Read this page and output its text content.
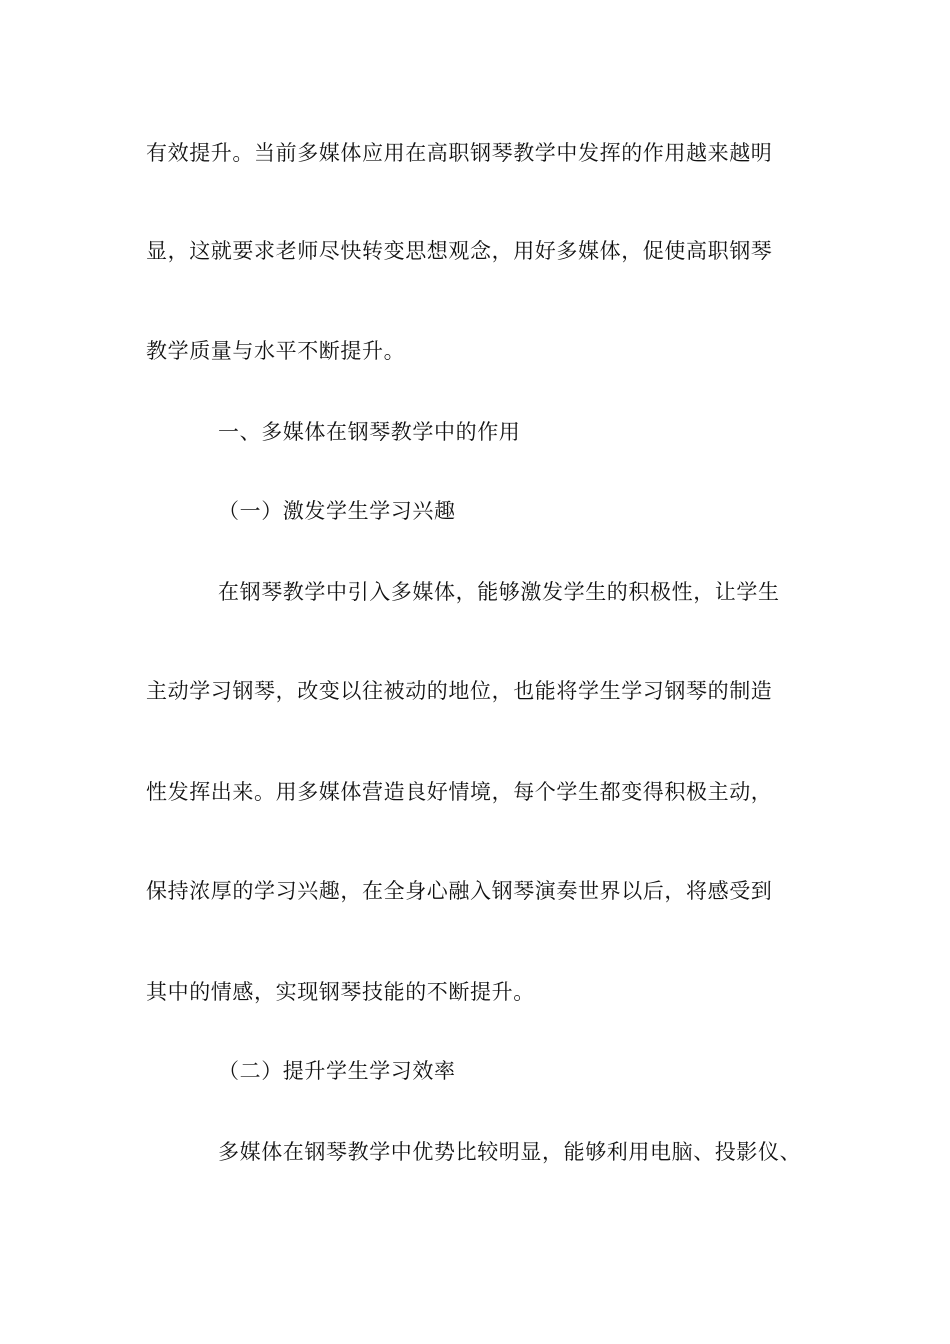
有效提升。当前多媒体应用在高职钢琴教学中发挥的作用越来越明
显，这就要求老师尽快转变思想观念，用好多媒体，促使高职钢琴
教学质量与水平不断提升。
一、多媒体在钢琴教学中的作用
（一）激发学生学习兴趣
在钢琴教学中引入多媒体，能够激发学生的积极性，让学生
主动学习钢琴，改变以往被动的地位，也能将学生学习钢琴的制造
性发挥出来。用多媒体营造良好情境，每个学生都变得积极主动，
保持浓厚的学习兴趣，在全身心融入钢琴演奏世界以后，将感受到
其中的情感，实现钢琴技能的不断提升。
（二）提升学生学习效率
多媒体在钢琴教学中优势比较明显，能够利用电脑、投影仪、
